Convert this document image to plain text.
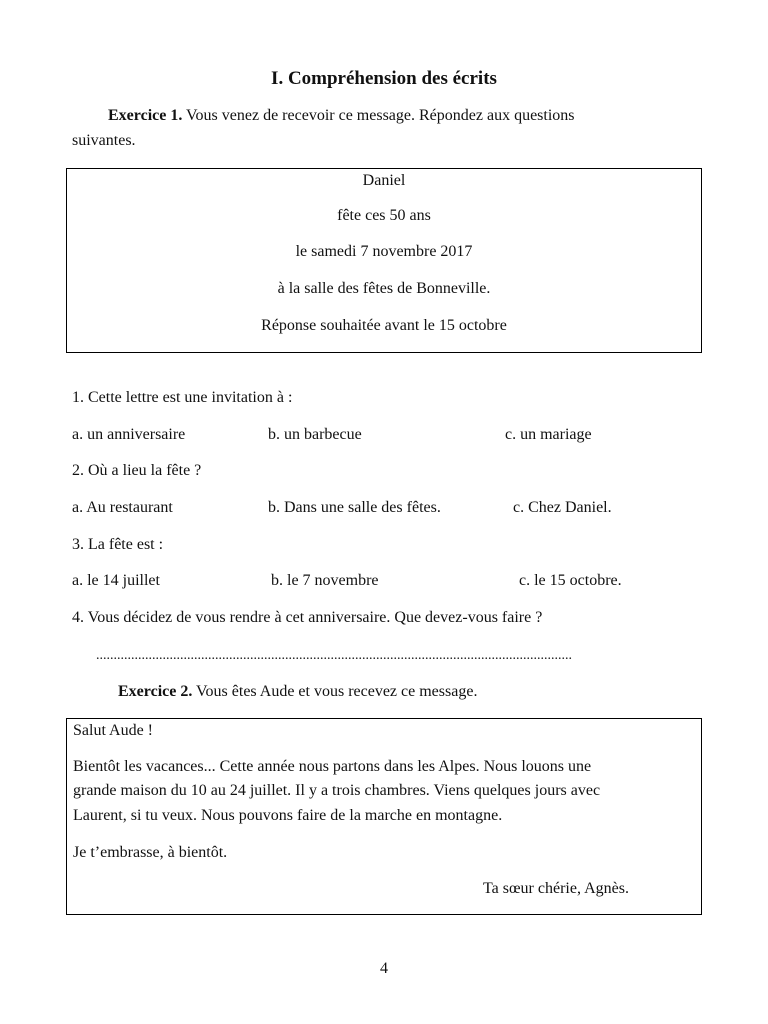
I. Compréhension des écrits
Exercice 1. Vous venez de recevoir ce message. Répondez aux questions
suivantes.
Daniel
fête ces 50 ans
le samedi 7 novembre 2017
à la salle des fêtes de Bonneville.
Réponse souhaitée avant le 15 octobre
1. Cette lettre est une invitation à :
a. un anniversaire	b. un barbecue	c. un mariage
2. Où a lieu la fête ?
a. Au restaurant	b. Dans une salle des fêtes.	c. Chez Daniel.
3. La fête est :
a. le 14 juillet	b. le 7 novembre	c. le 15 octobre.
4. Vous décidez de vous rendre à cet anniversaire. Que devez-vous faire ?
........................................................................................................................................
Exercice 2. Vous êtes Aude et vous recevez ce message.
Salut Aude !
Bientôt les vacances... Cette année nous partons dans les Alpes. Nous louons une
grande maison du 10 au 24 juillet. Il y a trois chambres. Viens quelques jours avec
Laurent, si tu veux. Nous pouvons faire de la marche en montagne.
Je t’embrasse, à bientôt.
Ta sœur chérie, Agnès.
4
